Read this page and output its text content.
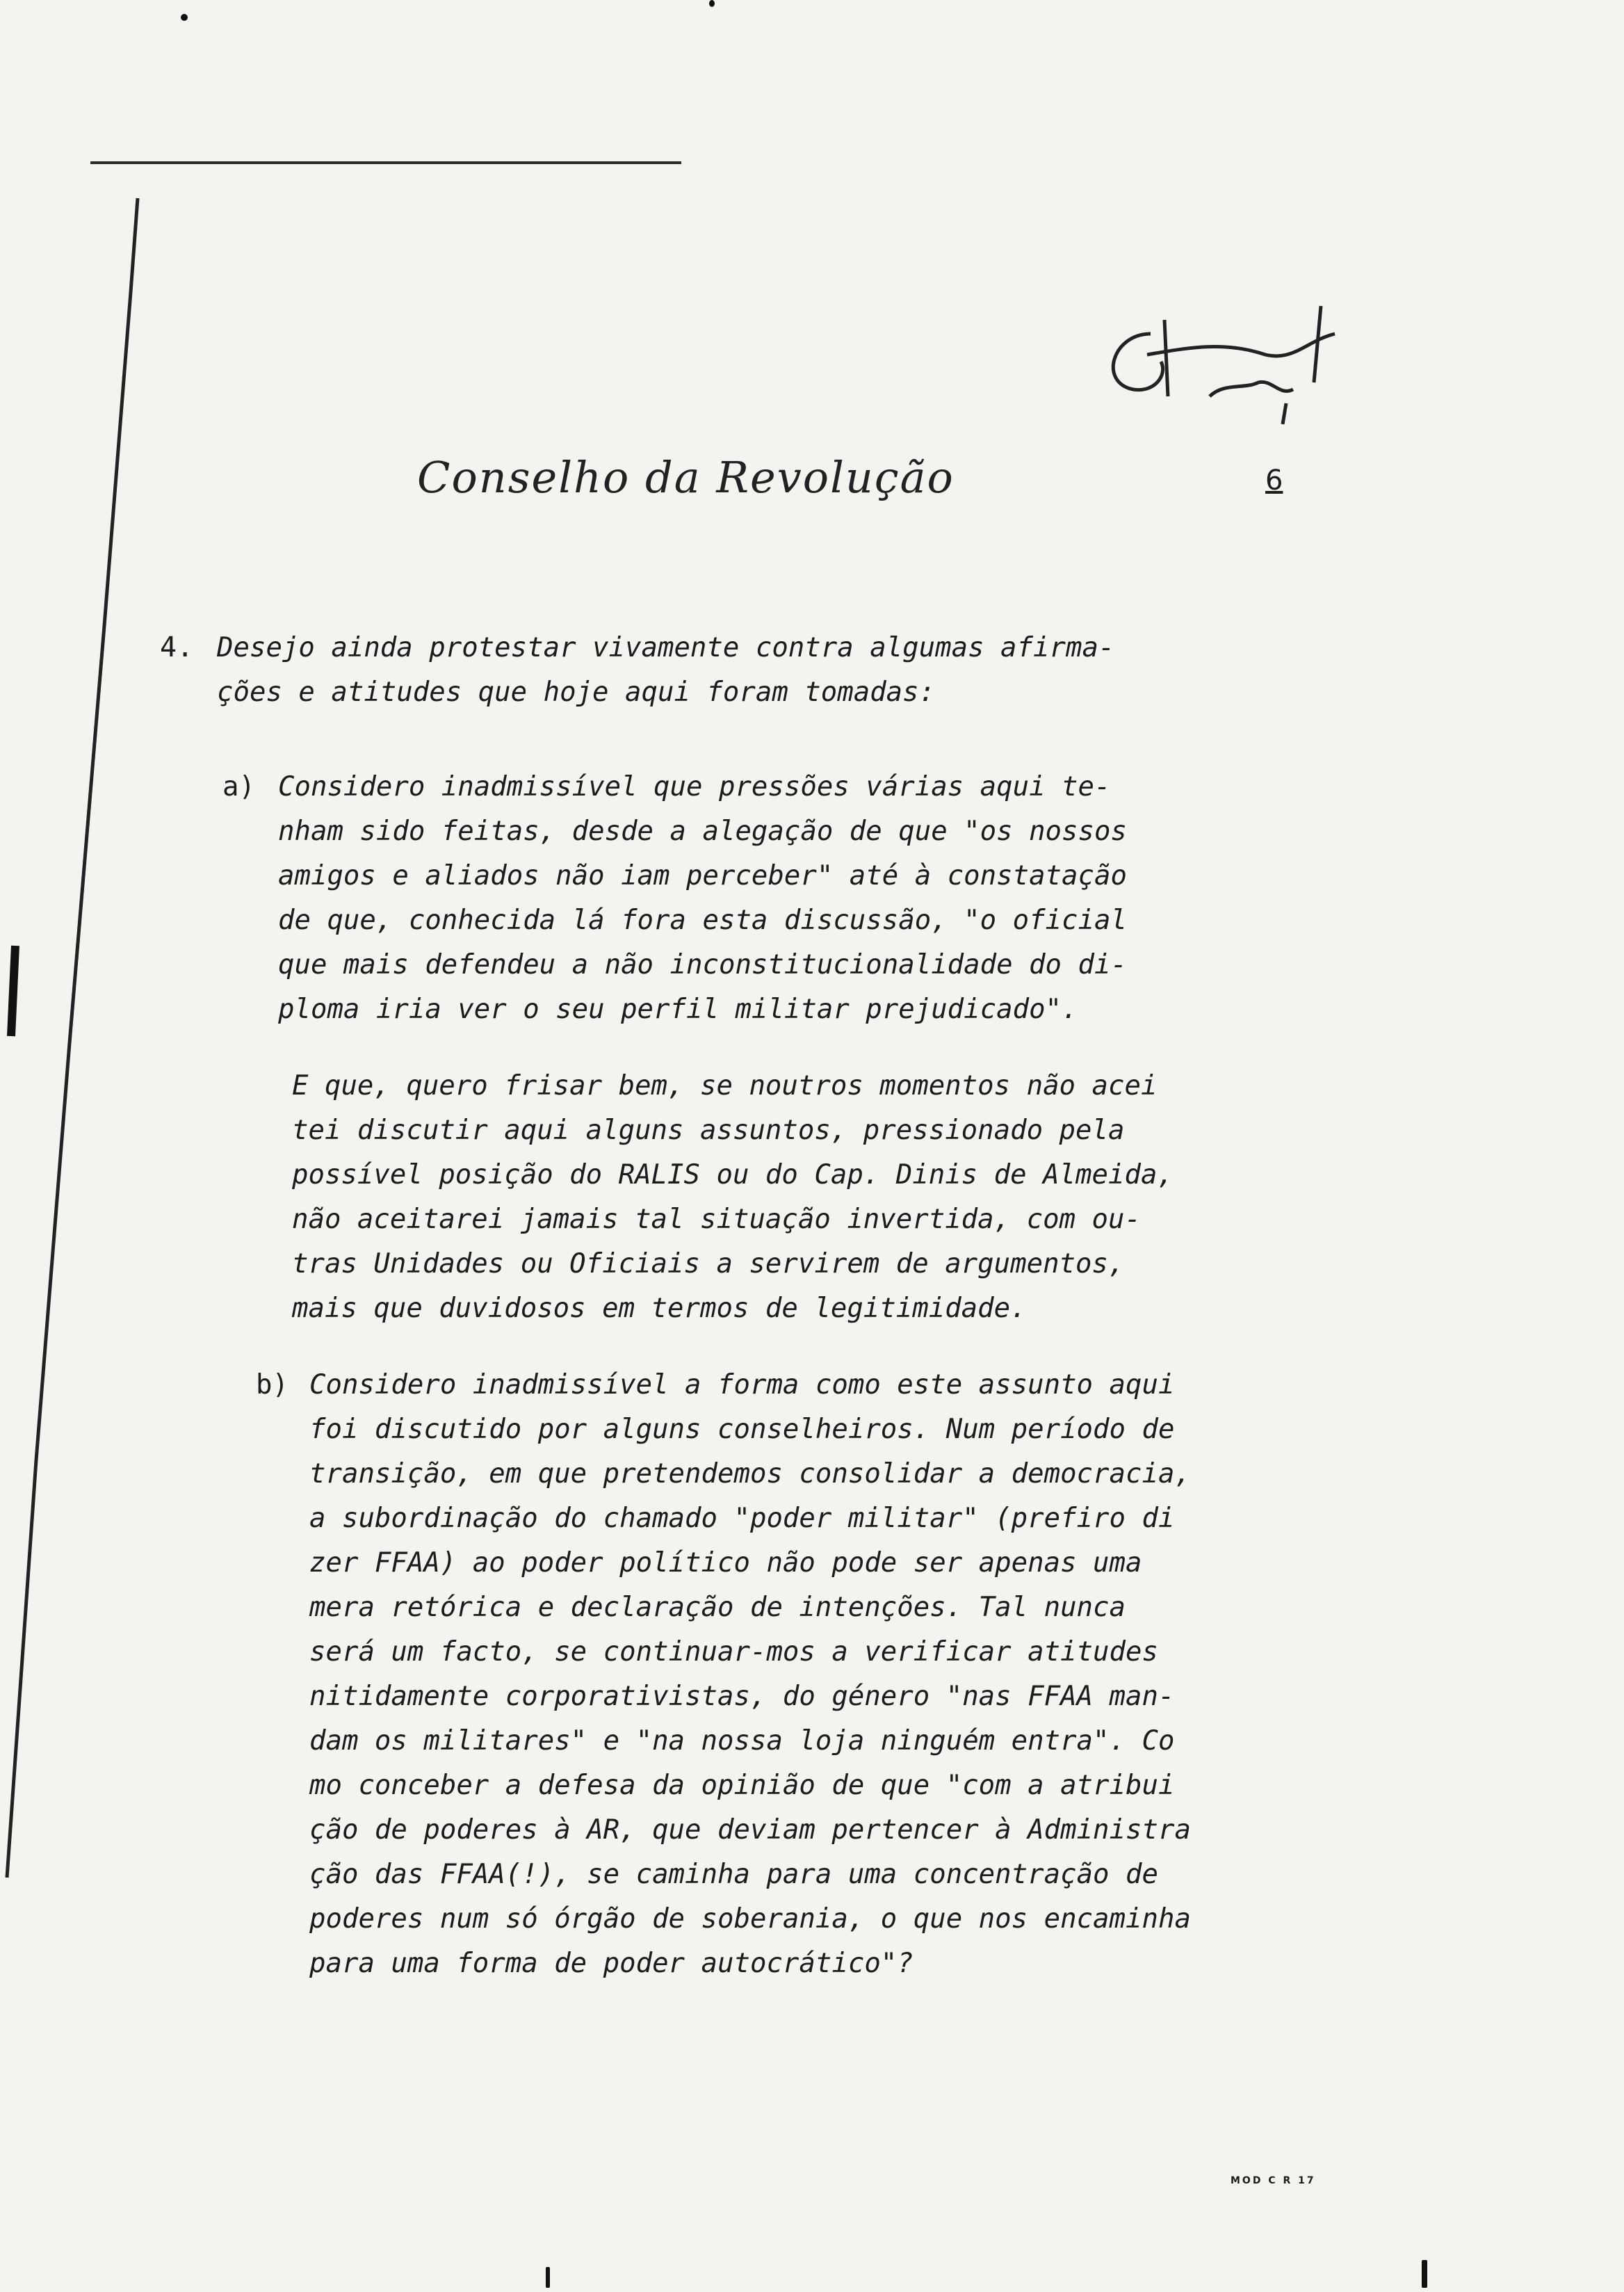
Conselho da Revolução	6
4. Desejo ainda protestar vivamente contra algumas afirma-
ções e atitudes que hoje aqui foram tomadas:
a) Considero inadmissível que pressões várias aqui te-
nham sido feitas, desde a alegação de que "os nossos
amigos e aliados não iam perceber" até à constatação
de que, conhecida lá fora esta discussão, "o oficial
que mais defendeu a não inconstitucionalidade do di-
ploma iria ver o seu perfil militar prejudicado".
E que, quero frisar bem, se noutros momentos não acei
tei discutir aqui alguns assuntos, pressionado pela
possível posição do RALIS ou do Cap. Dinis de Almeida,
não aceitarei jamais tal situação invertida, com ou-
tras Unidades ou Oficiais a servirem de argumentos,
mais que duvidosos em termos de legitimidade.
b) Considero inadmissível a forma como este assunto aqui
foi discutido por alguns conselheiros. Num período de
transição, em que pretendemos consolidar a democracia,
a subordinação do chamado "poder militar" (prefiro di
zer FFAA) ao poder político não pode ser apenas uma
mera retórica e declaração de intenções. Tal nunca
será um facto, se continuar-mos a verificar atitudes
nitidamente corporativistas, do género "nas FFAA man-
dam os militares" e "na nossa loja ninguém entra". Co
mo conceber a defesa da opinião de que "com a atribui
ção de poderes à AR, que deviam pertencer à Administra
ção das FFAA(!), se caminha para uma concentração de
poderes num só órgão de soberania, o que nos encaminha
para uma forma de poder autocrático"?
MOD C R 17
